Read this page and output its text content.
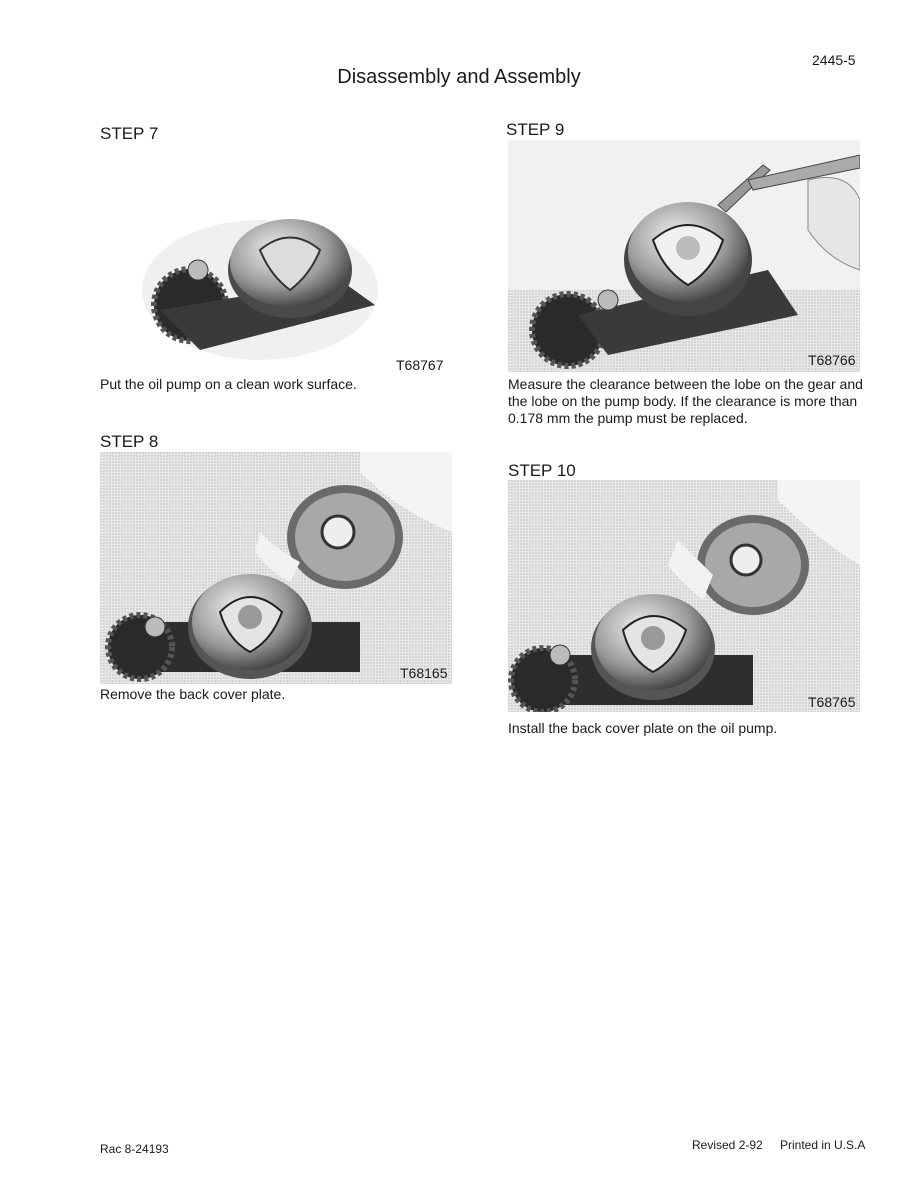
2445-5
Disassembly and Assembly
STEP 7
T68767
Put the oil pump on a clean work surface.
STEP 8
T68165
Remove the back cover plate.
STEP 9
T68766
Measure the clearance between the lobe on the gear and the lobe on the pump body. If the clearance is more than 0.178 mm the pump must be replaced.
STEP 10
T68765
Install the back cover plate on the oil pump.
Rac 8-24193	Revised 2-92 Printed in U.S.A
